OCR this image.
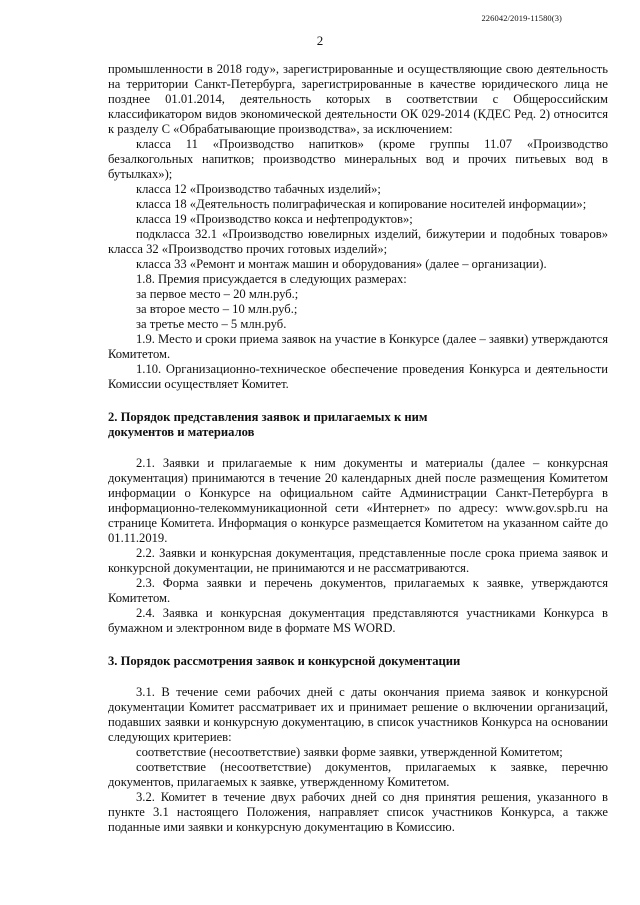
226042/2019-11580(3)
2

промышленности в 2018 году», зарегистрированные и осуществляющие свою деятельность на территории Санкт-Петербурга, зарегистрированные в качестве юридического лица не позднее 01.01.2014, деятельность которых в соответствии с Общероссийским классификатором видов экономической деятельности ОК 029-2014 (КДЕС Ред. 2) относится к разделу С «Обрабатывающие производства», за исключением:

класса 11 «Производство напитков» (кроме группы 11.07 «Производство безалкогольных напитков; производство минеральных вод и прочих питьевых вод в бутылках»);

класса 12 «Производство табачных изделий»;

класса 18 «Деятельность полиграфическая и копирование носителей информации»;

класса 19 «Производство кокса и нефтепродуктов»;

подкласса 32.1 «Производство ювелирных изделий, бижутерии и подобных товаров» класса 32 «Производство прочих готовых изделий»;

класса 33 «Ремонт и монтаж машин и оборудования» (далее – организации).

1.8. Премия присуждается в следующих размерах:

за первое место – 20 млн.руб.;

за второе место – 10 млн.руб.;

за третье место – 5 млн.руб.

1.9. Место и сроки приема заявок на участие в Конкурсе (далее – заявки) утверждаются Комитетом.

1.10. Организационно-техническое обеспечение проведения Конкурса и деятельности Комиссии осуществляет Комитет.

2. Порядок представления заявок и прилагаемых к ним

документов и материалов

2.1. Заявки и прилагаемые к ним документы и материалы (далее – конкурсная документация) принимаются в течение 20 календарных дней после размещения Комитетом информации о Конкурсе на официальном сайте Администрации Санкт-Петербурга в информационно-телекоммуникационной сети «Интернет» по адресу: www.gov.spb.ru на странице Комитета. Информация о конкурсе размещается Комитетом на указанном сайте до 01.11.2019.

2.2. Заявки и конкурсная документация, представленные после срока приема заявок и конкурсной документации, не принимаются и не рассматриваются.

2.3. Форма заявки и перечень документов, прилагаемых к заявке, утверждаются Комитетом.

2.4. Заявка и конкурсная документация представляются участниками Конкурса в бумажном и электронном виде в формате MS WORD.

3. Порядок рассмотрения заявок и конкурсной документации

3.1. В течение семи рабочих дней с даты окончания приема заявок и конкурсной документации Комитет рассматривает их и принимает решение о включении организаций, подавших заявки и конкурсную документацию, в список участников Конкурса на основании следующих критериев:

соответствие (несоответствие) заявки форме заявки, утвержденной Комитетом;

соответствие (несоответствие) документов, прилагаемых к заявке, перечню документов, прилагаемых к заявке, утвержденному Комитетом.

3.2. Комитет в течение двух рабочих дней со дня принятия решения, указанного в пункте 3.1 настоящего Положения, направляет список участников Конкурса, а также поданные ими заявки и конкурсную документацию в Комиссию.
